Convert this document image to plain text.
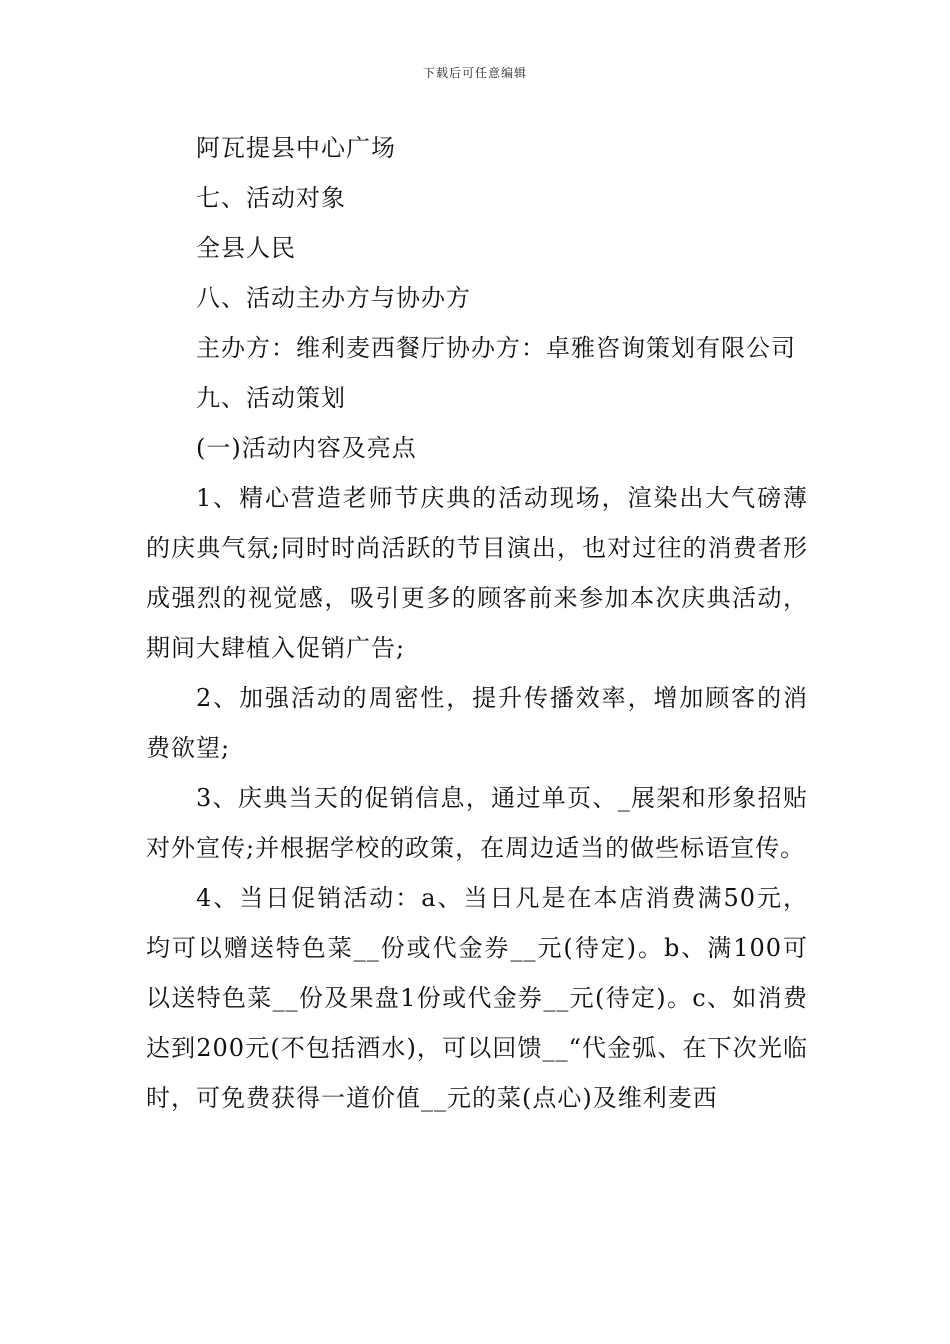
下载后可任意编辑

阿瓦提县中心广场

七、活动对象

全县人民

八、活动主办方与协办方

主办方：维利麦西餐厅协办方：卓雅咨询策划有限公司

九、活动策划

(一)活动内容及亮点

1、精心营造老师节庆典的活动现场，渲染出大气磅薄的庆典气氛;同时时尚活跃的节目演出，也对过往的消费者形成强烈的视觉感，吸引更多的顾客前来参加本次庆典活动，期间大肆植入促销广告;

2、加强活动的周密性，提升传播效率，增加顾客的消费欲望;

3、庆典当天的促销信息，通过单页、_展架和形象招贴对外宣传;并根据学校的政策，在周边适当的做些标语宣传。

4、当日促销活动：a、当日凡是在本店消费满50元，均可以赠送特色菜__份或代金券__元(待定)。b、满100可以送特色菜__份及果盘1份或代金券__元(待定)。c、如消费达到200元(不包括酒水)，可以回馈__“代金弧、在下次光临时，可免费获得一道价值__元的菜(点心)及维利麦西
